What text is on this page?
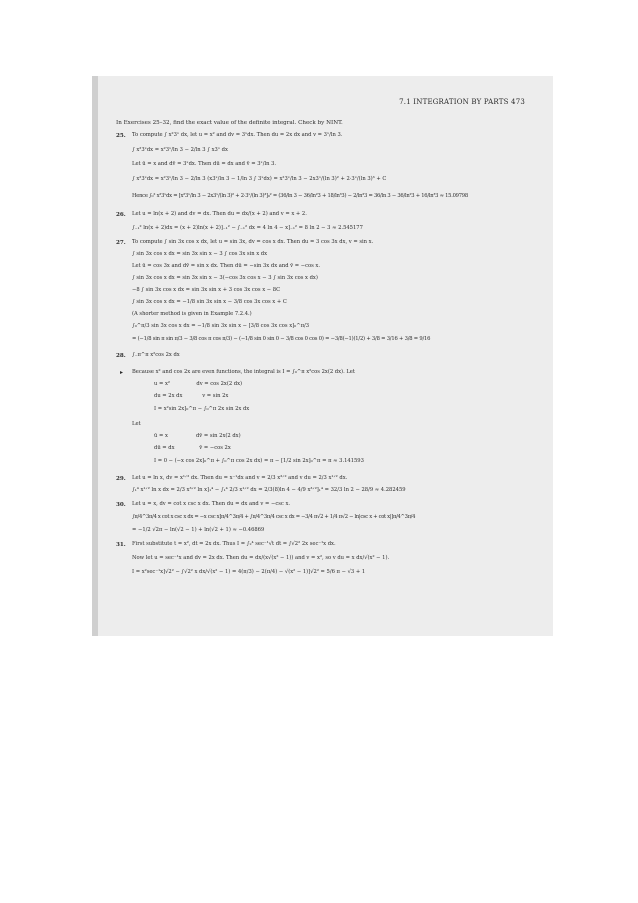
7.1 INTEGRATION BY PARTS 473
In Exercises 25–32, find the exact value of the definite integral. Check by NINT.
25. To compute ∫ x²3ˣ dx, let u = x² and dv = 3ˣdx. Then du = 2x dx and v = 3ˣ/ln 3.
∫ x²3ˣdx = x²3ˣ/ln 3 − 2/ln 3 ∫ x3ˣ dx
Let ū = x and dv̄ = 3ˣdx. Then dū = dx and v̄ = 3ˣ/ln 3.
∫ x²3ˣdx = x²3ˣ/ln 3 − 2/ln 3 (x3ˣ/ln 3 − 1/ln 3 ∫ 3ˣdx) = x²3ˣ/ln 3 − 2x3ˣ/(ln 3)² + 2·3ˣ/(ln 3)³ + C
Hence ∫₀² x²3ˣdx = [x²3ˣ/ln 3 − 2x3ˣ/(ln 3)² + 2·3ˣ/(ln 3)³]₀² = (36/ln 3 − 36/ln²3 + 18/ln³3) − 2/ln³3 = 36/ln 3 − 36/ln²3 + 16/ln³3 ≈ 15.09798
26. Let u = ln(x + 2) and dv = dx. Then du = dx/(x + 2) and v = x + 2.
∫₋₁² ln(x + 2)dx = (x + 2)ln(x + 2)]₋₁² − ∫₋₁² dx = 4 ln 4 − x]₋₁² = 8 ln 2 − 3 ≈ 2.545177
27. To compute ∫ sin 3x cos x dx, let u = sin 3x, dv = cos x dx. Then du = 3 cos 3x dx, v = sin x.
∫ sin 3x cos x dx = sin 3x sin x − 3 ∫ cos 3x sin x dx
Let ū = cos 3x and dv̄ = sin x dx. Then dū = −sin 3x dx and v̄ = −cos x.
∫ sin 3x cos x dx = sin 3x sin x − 3(−cos 3x cos x − 3 ∫ sin 3x cos x dx)
−8 ∫ sin 3x cos x dx = sin 3x sin x + 3 cos 3x cos x − 8C
∫ sin 3x cos x dx = −1/8 sin 3x sin x − 3/8 cos 3x cos x + C
(A shorter method is given in Example 7.2.4.)
∫₀^π/3 sin 3x cos x dx = −1/8 sin 3x sin x − [3/8 cos 3x cos x]₀^π/3
= (−1/8 sin π sin π/3 − 3/8 cos π cos π/3) − (−1/8 sin 0 sin 0 − 3/8 cos 0 cos 0) = −3/8(−1)(1/2) + 3/8 = 3/16 + 3/8 = 9/16
28. ∫₋π^π x²cos 2x dx
▸ Because x² and cos 2x are even functions, the integral is I = ∫₀^π x²cos 2x(2 dx). Let
u = x²                dv = cos 2x(2 dx)
du = 2x dx            v = sin 2x
I = x²sin 2x]₀^π − ∫₀^π 2x sin 2x dx
Let
ū = x                 dv̄ = sin 2x(2 dx)
dū = dx               v̄ = −cos 2x
I = 0 − (−x cos 2x]₀^π + ∫₀^π cos 2x dx) = π − [1/2 sin 2x]₀^π = π ≈ 3.141593
29. Let u = ln x, dv = x¹ᐟ² dx. Then du = x⁻¹dx and v = 2/3 x³ᐟ² and v du = 2/3 x¹ᐟ² dx.
∫₁⁴ x¹ᐟ² ln x dx = 2/3 x³ᐟ² ln x]₁⁴ − ∫₁⁴ 2/3 x¹ᐟ² dx = 2/3(8)ln 4 − 4/9 x³ᐟ²]₁⁴ = 32/3 ln 2 − 28/9 ≈ 4.282459
30. Let u = x, dv = cot x csc x dx. Then du = dx and v = −csc x.
∫π/4^3π/4 x cot x csc x dx = −x csc x]π/4^3π/4 + ∫π/4^3π/4 csc x dx = −3/4 π√2 + 1/4 π√2 − ln|csc x + cot x|]π/4^3π/4
= −1/2 √2π − ln(√2 − 1) + ln(√2 + 1) ≈ −0.46869
31. First substitute t = x², dt = 2x dx. Thus I = ∫₂⁴ sec⁻¹√t dt = ∫√2² 2x sec⁻¹x dx.
Now let u = sec⁻¹x and dv = 2x dx. Then du = dx/(x√(x² − 1)) and v = x², so v du = x dx/√(x² − 1).
I = x²sec⁻¹x]√2² − ∫√2² x dx/√(x² − 1) = 4(π/3) − 2(π/4) − √(x² − 1)]√2² = 5/6 π − √3 + 1
